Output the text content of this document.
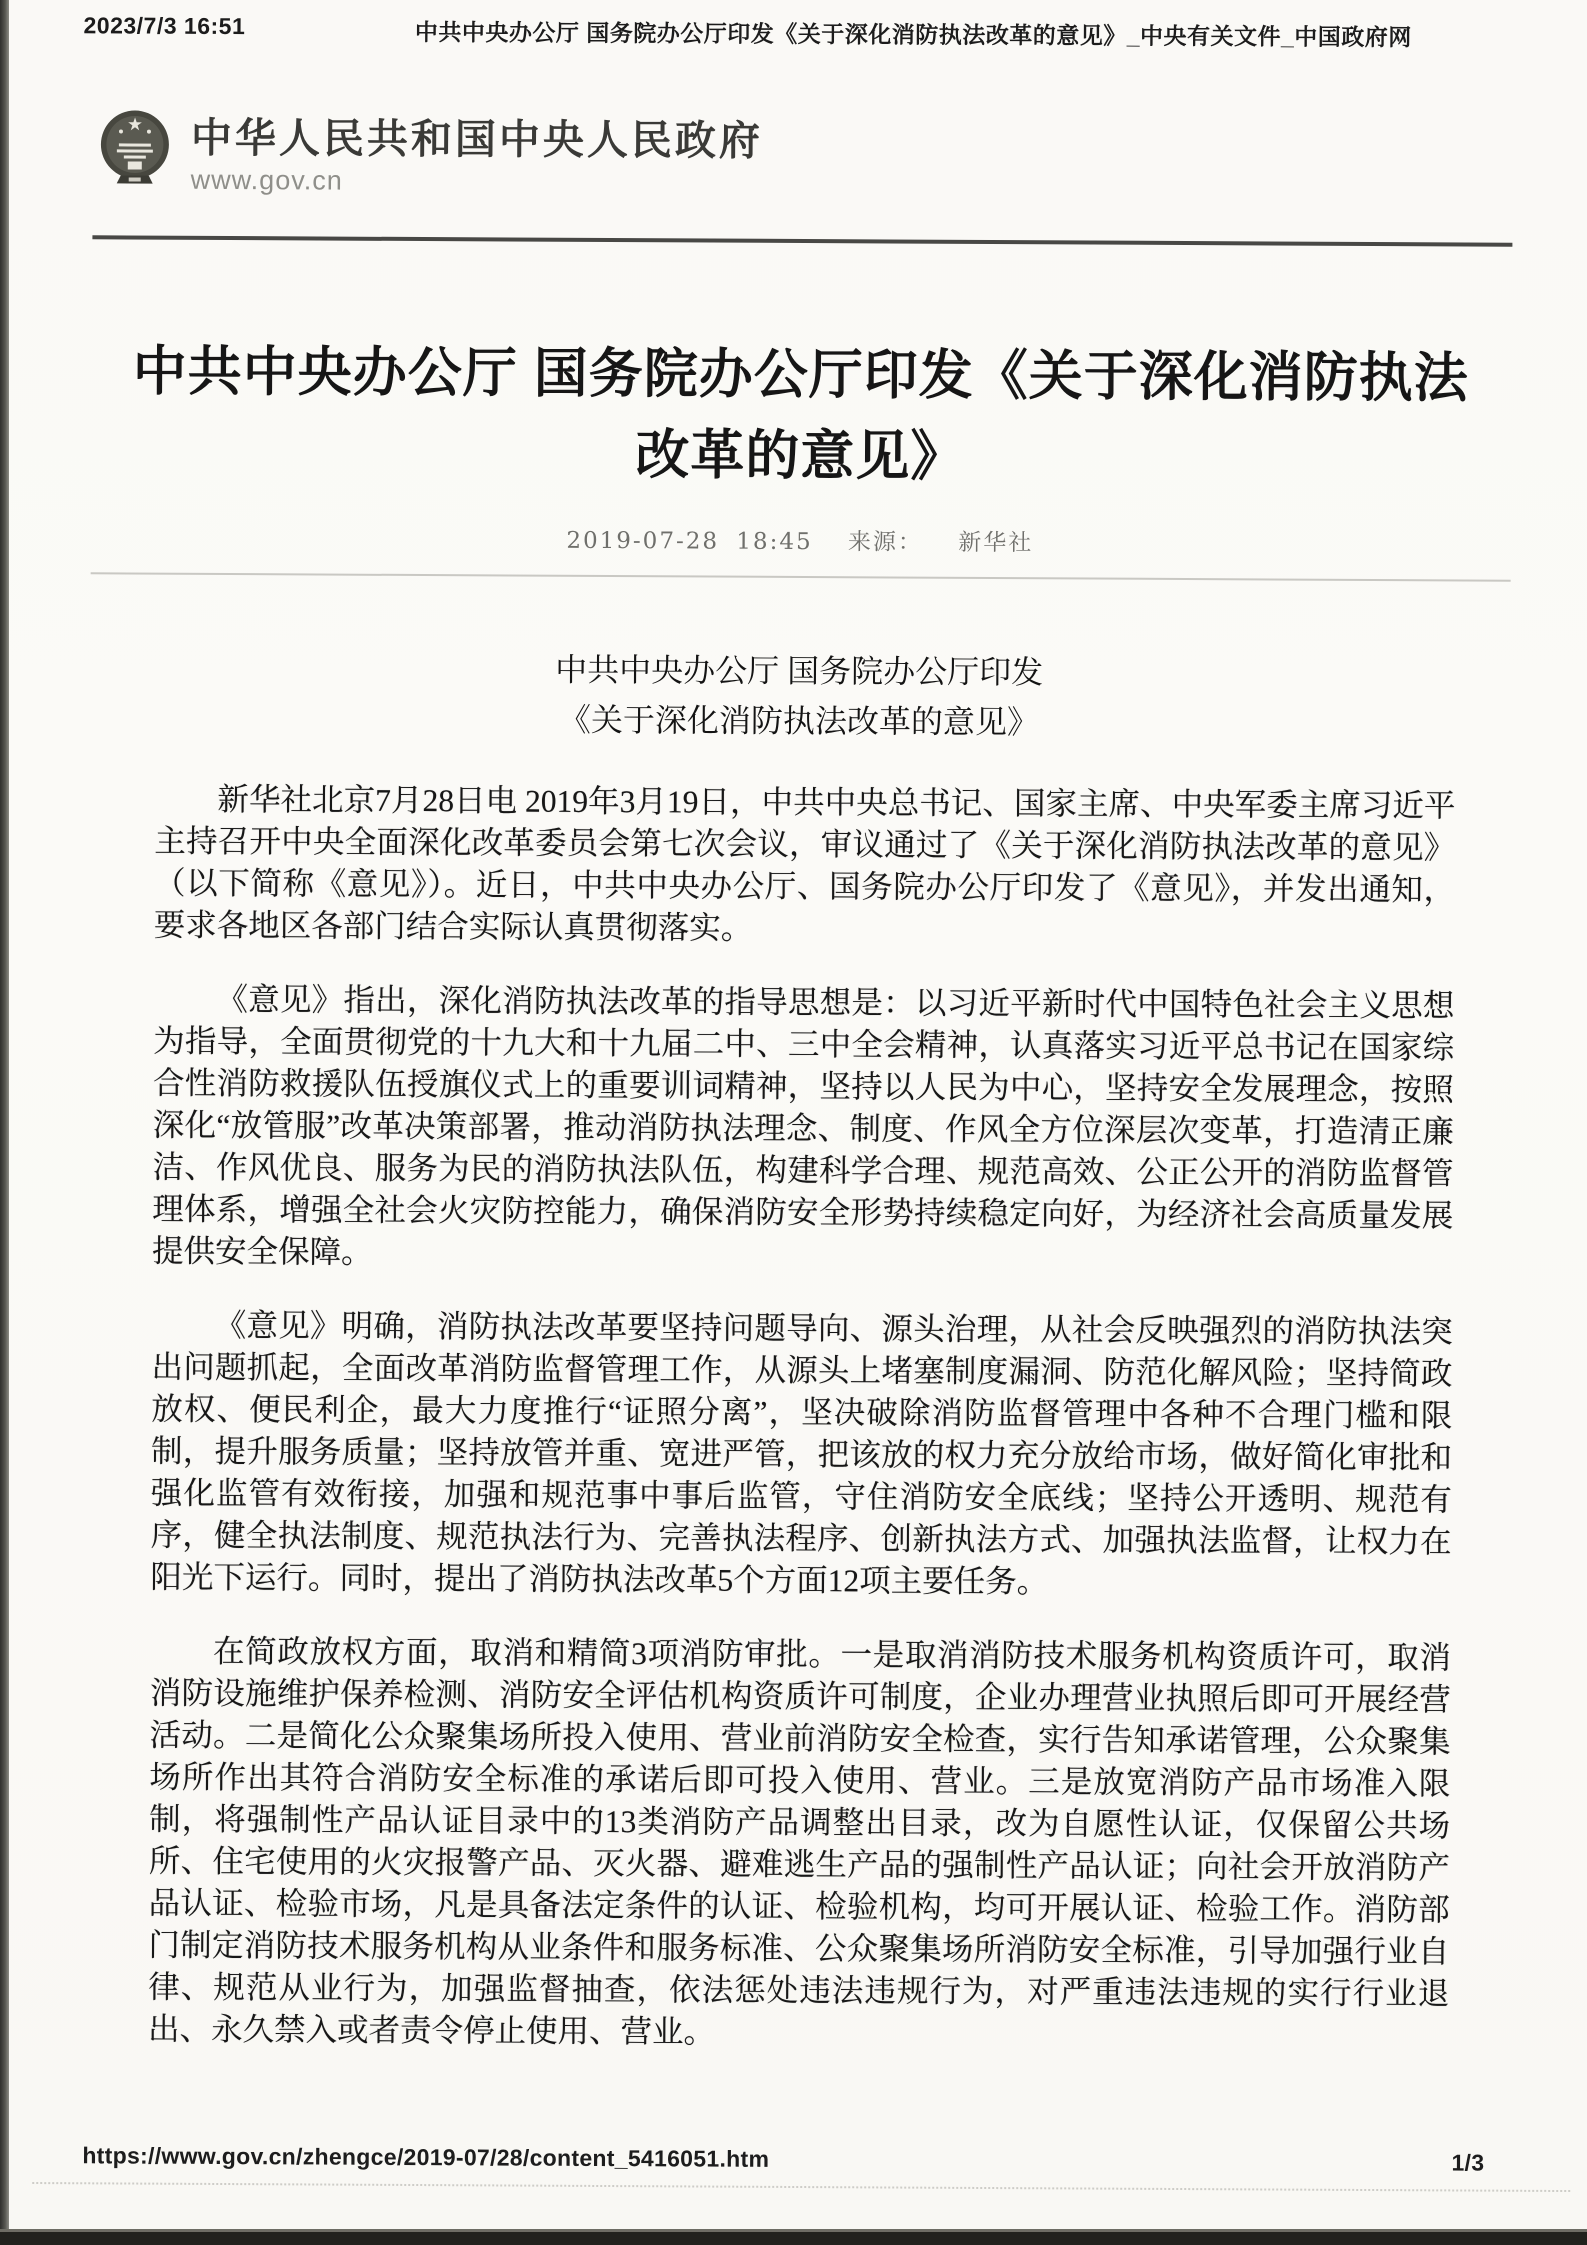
2023/7/3 16:51	中共中央办公厅 国务院办公厅印发《关于深化消防执法改革的意见》_中央有关文件_中国政府网
中华人民共和国中央人民政府
www.gov.cn
中共中央办公厅 国务院办公厅印发《关于深化消防执法改革的意见》
2019-07-28 18:45 来源： 新华社
中共中央办公厅 国务院办公厅印发
《关于深化消防执法改革的意见》

新华社北京7月28日电 2019年3月19日，中共中央总书记、国家主席、中央军委主席习近平主持召开中央全面深化改革委员会第七次会议，审议通过了《关于深化消防执法改革的意见》（以下简称《意见》）。近日，中共中央办公厅、国务院办公厅印发了《意见》，并发出通知，要求各地区各部门结合实际认真贯彻落实。

《意见》指出，深化消防执法改革的指导思想是：以习近平新时代中国特色社会主义思想为指导，全面贯彻党的十九大和十九届二中、三中全会精神，认真落实习近平总书记在国家综合性消防救援队伍授旗仪式上的重要训词精神，坚持以人民为中心，坚持安全发展理念，按照深化“放管服”改革决策部署，推动消防执法理念、制度、作风全方位深层次变革，打造清正廉洁、作风优良、服务为民的消防执法队伍，构建科学合理、规范高效、公正公开的消防监督管理体系，增强全社会火灾防控能力，确保消防安全形势持续稳定向好，为经济社会高质量发展提供安全保障。

《意见》明确，消防执法改革要坚持问题导向、源头治理，从社会反映强烈的消防执法突出问题抓起，全面改革消防监督管理工作，从源头上堵塞制度漏洞、防范化解风险；坚持简政放权、便民利企，最大力度推行“证照分离”，坚决破除消防监督管理中各种不合理门槛和限制，提升服务质量；坚持放管并重、宽进严管，把该放的权力充分放给市场，做好简化审批和强化监管有效衔接，加强和规范事中事后监管，守住消防安全底线；坚持公开透明、规范有序，健全执法制度、规范执法行为、完善执法程序、创新执法方式、加强执法监督，让权力在阳光下运行。同时，提出了消防执法改革5个方面12项主要任务。

在简政放权方面，取消和精简3项消防审批。一是取消消防技术服务机构资质许可，取消消防设施维护保养检测、消防安全评估机构资质许可制度，企业办理营业执照后即可开展经营活动。二是简化公众聚集场所投入使用、营业前消防安全检查，实行告知承诺管理，公众聚集场所作出其符合消防安全标准的承诺后即可投入使用、营业。三是放宽消防产品市场准入限制，将强制性产品认证目录中的13类消防产品调整出目录，改为自愿性认证，仅保留公共场所、住宅使用的火灾报警产品、灭火器、避难逃生产品的强制性产品认证；向社会开放消防产品认证、检验市场，凡是具备法定条件的认证、检验机构，均可开展认证、检验工作。消防部门制定消防技术服务机构从业条件和服务标准、公众聚集场所消防安全标准，引导加强行业自律、规范从业行为，加强监督抽查，依法惩处违法违规行为，对严重违法违规的实行行业退出、永久禁入或者责令停止使用、营业。

https://www.gov.cn/zhengce/2019-07/28/content_5416051.htm	1/3
